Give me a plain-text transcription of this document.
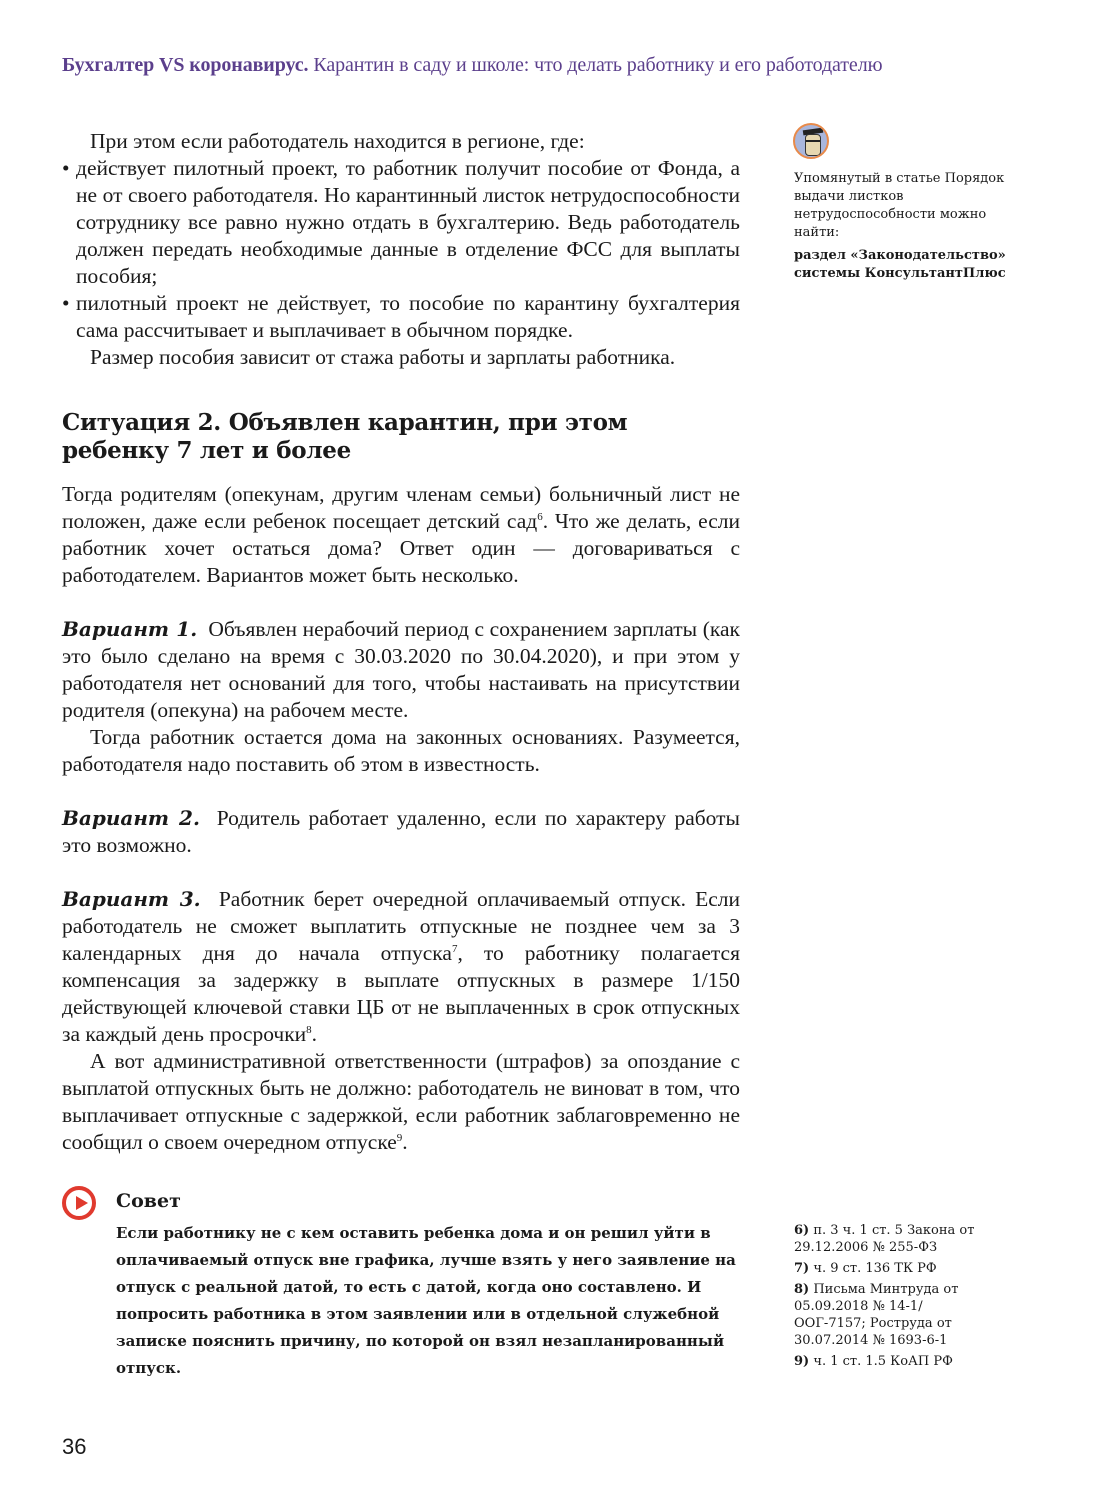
Бухгалтер VS коронавирус. Карантин в саду и школе: что делать работнику и его работодателю

При этом если работодатель находится в регионе, где:

• действует пилотный проект, то работник получит пособие от Фонда, а не от своего работодателя. Но карантинный листок нетрудоспособности сотруднику все равно нужно отдать в бухгалтерию. Ведь работодатель должен передать необходимые данные в отделение ФСС для выплаты пособия;

• пилотный проект не действует, то пособие по карантину бухгалтерия сама рассчитывает и выплачивает в обычном порядке.

Размер пособия зависит от стажа работы и зарплаты работника.

Ситуация 2. Объявлен карантин, при этом ребенку 7 лет и более

Тогда родителям (опекунам, другим членам семьи) больничный лист не положен, даже если ребенок посещает детский сад$^6$. Что же делать, если работник хочет остаться дома? Ответ один — договариваться с работодателем. Вариантов может быть несколько.

Вариант 1. Объявлен нерабочий период с сохранением зарплаты (как это было сделано на время с 30.03.2020 по 30.04.2020), и при этом у работодателя нет оснований для того, чтобы настаивать на присутствии родителя (опекуна) на рабочем месте.

Тогда работник остается дома на законных основаниях. Разумеется, работодателя надо поставить об этом в известность.

Вариант 2. Родитель работает удаленно, если по характеру работы это возможно.

Вариант 3. Работник берет очередной оплачиваемый отпуск. Если работодатель не сможет выплатить отпускные не позднее чем за 3 календарных дня до начала отпуска$^7$, то работнику полагается компенсация за задержку в выплате отпускных в размере 1/150 действующей ключевой ставки ЦБ от не выплаченных в срок отпускных за каждый день просрочки$^8$.

А вот административной ответственности (штрафов) за опоздание с выплатой отпускных быть не должно: работодатель не виноват в том, что выплачивает отпускные с задержкой, если работник заблаговременно не сообщил о своем очередном отпуске$^9$.

Совет
Если работнику не с кем оставить ребенка дома и он решил уйти в оплачиваемый отпуск вне графика, лучше взять у него заявление на отпуск с реальной датой, то есть с датой, когда оно составлено. И попросить работника в этом заявлении или в отдельной служебной записке пояснить причину, по которой он взял незапланированный отпуск.
Упомянутый в статье Порядок выдачи листков нетрудоспособности можно найти:
раздел «Законодательство» системы КонсультантПлюс
6) п. 3 ч. 1 ст. 5 Закона от 29.12.2006 № 255-ФЗ
7) ч. 9 ст. 136 ТК РФ
8) Письма Минтруда от 05.09.2018 № 14-1/ООГ-7157; Роструда от 30.07.2014 № 1693-6-1
9) ч. 1 ст. 1.5 КоАП РФ
36
